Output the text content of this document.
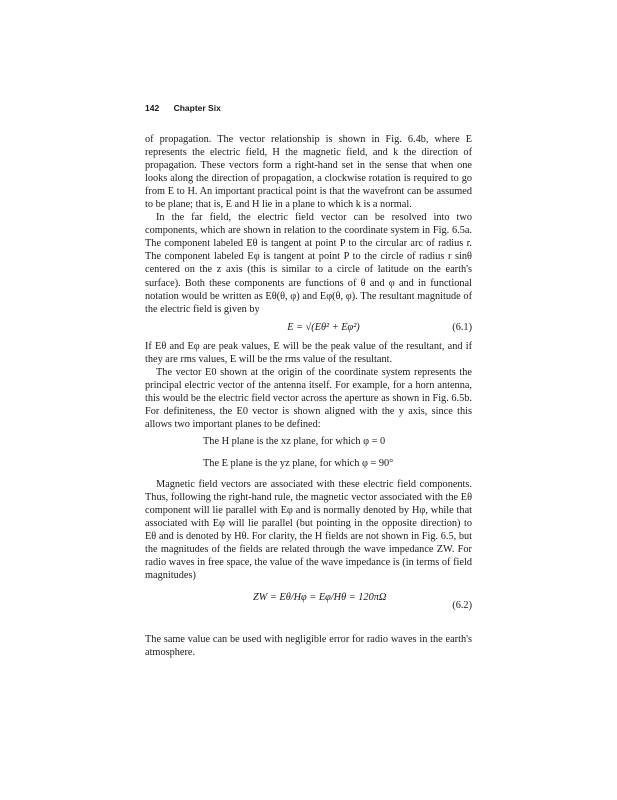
142 Chapter Six

of propagation. The vector relationship is shown in Fig. 6.4b, where E represents the electric field, H the magnetic field, and k the direction of propagation. These vectors form a right-hand set in the sense that when one looks along the direction of propagation, a clockwise rotation is required to go from E to H. An important practical point is that the wavefront can be assumed to be plane; that is, E and H lie in a plane to which k is a normal.

In the far field, the electric field vector can be resolved into two components, which are shown in relation to the coordinate system in Fig. 6.5a. The component labeled Eθ is tangent at point P to the circular arc of radius r. The component labeled Eφ is tangent at point P to the circle of radius r sinθ centered on the z axis (this is similar to a circle of latitude on the earth's surface). Both these components are functions of θ and φ and in functional notation would be written as Eθ(θ, φ) and Eφ(θ, φ). The resultant magnitude of the electric field is given by

E = √(Eθ² + Eφ²)	(6.1)

If Eθ and Eφ are peak values, E will be the peak value of the resultant, and if they are rms values, E will be the rms value of the resultant.

The vector E0 shown at the origin of the coordinate system represents the principal electric vector of the antenna itself. For example, for a horn antenna, this would be the electric field vector across the aperture as shown in Fig. 6.5b. For definiteness, the E0 vector is shown aligned with the y axis, since this allows two important planes to be defined:

The H plane is the xz plane, for which φ = 0
The E plane is the yz plane, for which φ = 90°

Magnetic field vectors are associated with these electric field components. Thus, following the right-hand rule, the magnetic vector associated with the Eθ component will lie parallel with Eφ and is normally denoted by Hφ, while that associated with Eφ will lie parallel (but pointing in the opposite direction) to Eθ and is denoted by Hθ. For clarity, the H fields are not shown in Fig. 6.5, but the magnitudes of the fields are related through the wave impedance ZW. For radio waves in free space, the value of the wave impedance is (in terms of field magnitudes)

ZW = Eθ/Hφ = Eφ/Hθ = 120πΩ
(6.2)

The same value can be used with negligible error for radio waves in the earth's atmosphere.
